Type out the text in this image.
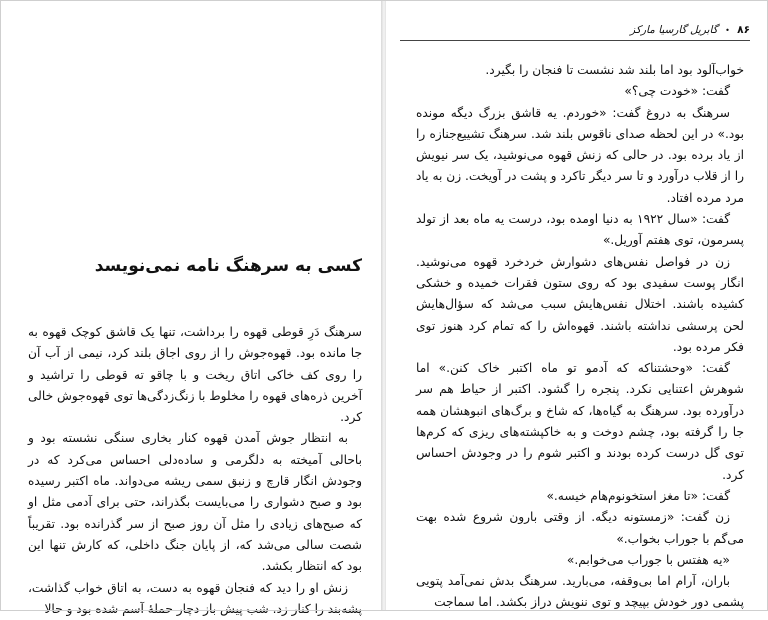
کسی به سرهنگ نامه نمی‌نویسد

سرهنگ دَرِ قوطی قهوه را برداشت، تنها یک قاشق کوچک قهوه به جا مانده بود. قهوه‌جوش را از روی اجاق بلند کرد، نیمی از آب آن را روی کف خاکی اتاق ریخت و با چاقو ته قوطی را تراشید و آخرین ذره‌های قهوه را مخلوط با زنگ‌زدگی‌ها توی قهوه‌جوش خالی کرد.

به انتظار جوش آمدن قهوه کنار بخاری سنگی نشسته بود و باحالی آمیخته به دلگرمی و ساده‌دلی احساس می‌کرد که در وجودش انگار قارچ و زنبق سمی ریشه می‌دواند. ماه اکتبر رسیده بود و صبح دشواری را می‌بایست بگذراند، حتی برای آدمی مثل او که صبح‌های زیادی را مثل آن روز صبح از سر گذرانده بود. تقریباً شصت سالی می‌شد که، از پایان جنگ داخلی، که کارش تنها این بود که انتظار بکشد.

زنش او را دید که فنجان قهوه به دست، به اتاق خواب گذاشت، پشه‌بند را کنار زد. شب پیش باز دچار حملهٔ آسم شده بود و حالا

۸۶ • گابریل گارسیا مارکز

خواب‌آلود بود اما بلند شد نشست تا فنجان را بگیرد.

گفت: «خودت چی؟»

سرهنگ به دروغ گفت: «خوردم. یه قاشق بزرگ دیگه مونده بود.» در این لحظه صدای ناقوس بلند شد. سرهنگ تشییع‌جنازه را از یاد برده بود. در حالی که زنش قهوه می‌نوشید، یک سر نیویش را از قلاب درآورد و تا سر دیگر تاکرد و پشت در آویخت. زن به یاد مرد مرده افتاد.

گفت: «سال ۱۹۲۲ به دنیا اومده بود، درست یه ماه بعد از تولد پسرمون، توی هفتم آوریل.»

زن در فواصل نفس‌های دشوارش خردخرد قهوه می‌نوشید. انگار پوست سفیدی بود که روی ستون فقرات خمیده و خشکی کشیده باشند. اختلال نفس‌هایش سبب می‌شد که سؤال‌هایش لحن پرسشی نداشته باشند. قهوه‌اش را که تمام کرد هنوز توی فکر مرده بود.

گفت: «وحشتناکه که آدمو تو ماه اکتبر خاک کنن.» اما شوهرش اعتنایی نکرد. پنجره را گشود. اکتبر از حیاط هم سر درآورده بود. سرهنگ به گیاه‌ها، که شاخ و برگ‌های انبوهشان همه جا را گرفته بود، چشم دوخت و به خاکپشته‌های ریزی که کرم‌ها توی گل درست کرده بودند و اکتبر شوم را در وجودش احساس کرد.

گفت: «تا مغز استخونوم‌هام خیسه.»

زن گفت: «زمستونه دیگه. از وقتی بارون شروع شده بهت می‌گم با جوراب بخواب.»

«یه هفتس با جوراب می‌خوابم.»

باران، آرام اما بی‌وقفه، می‌بارید. سرهنگ بدش نمی‌آمد پتویی پشمی دور خودش بپیچد و توی ننویش دراز بکشد. اما سماجت
